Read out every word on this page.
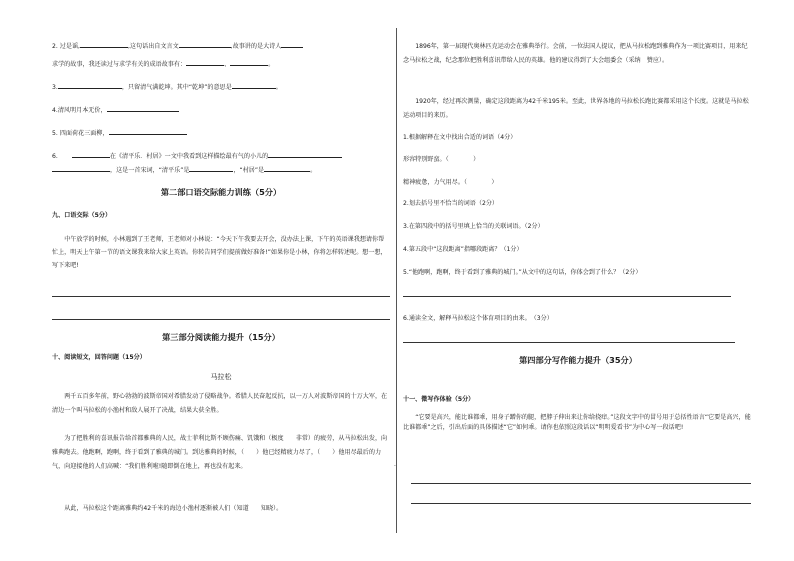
2. 过是谣,	,这句话出自文言文	,故事讲的是大诗人
求学的故事，我还读过与求学有关的成语故事有：	、	。
3.	，只留清气满乾坤。其中“乾坤”的意思是	。
4.清风明月本无价，
5. 四面荷花三面柳，
6.	在《清平乐．村居》一文中我看到这样描绘最有气的小儿的
，这是一首宋词，“清平乐”是	，“村居”是	。
第二部口语交际能力训练（5分）
九、口语交际（5分）
中午放学的时候，小林遇到了王老师，王老师对小林说：“今天下午我要去开会，没办法上课，下午的英语课我想请你帮忙上，明天上午第一节的语文课我来给大家上英语。你转告同学们提前做好准备!”如果你是小林，你将怎样转述呢。想一想，写下来吧!
第三部分阅读能力提升（15分）
十、阅读短文，回答问题（15分）
马拉松
两千五百多年前，野心勃勃的波斯帝国对希腊发动了侵略战争。希腊人民奋起反抗，以一万人对波斯帝国的十万大军，在清边一个叫马拉松的小渔村和敌人展开了决战，结果大获全胜。
为了把胜利的喜讯报告给首都雅典的人民，战士菲利比斯不顾伤痛、饥饿和（极度　　非常）的疲劳，从马拉松出发，向雅典跑去。他跑啊，跑啊，终于看到了雅典的城门。到达雅典的时候，（　　）他已经精疲力尽了，（　　）他用尽最后的力气，向迎接他的人们高喊：“我们胜利啦!随即倒在地上，再也没有起来。
从此，马拉松这个距离雅典约42千米的海边小渔村逐渐被人们（知道　　知晓）。
·
1896年，第一届现代奥林匹克运动会在雅典举行。会前，一位法国人提议，把从马拉松跑到雅典作为一项比赛项目，用来纪念马拉松之战，纪念那位把胜利喜讯带给人民的英雄。他的建议得到了大会组委会（采纳　赞应）。
1920年，经过再次测量，确定这段距离为42千米195米。至此，世界各地的马拉松长跑比赛都采用这个长度。这就是马拉松运动项目的来历。
1.根据解释在文中找出合适的词语（4分）
形容特别野蛮。（　　　　）
精神疲惫，力气用尽。（　　　　）
2.划去括号里不恰当的词语（2分）
3.在第四段中的括号里填上恰当的关联词语。（2分）
4.第五段中“这段距离”指哪段距离？（1分）
5.“他跑啊，跑啊，终于看到了雅典的城门。”从文中的这句话，你体会到了什么？（2分）
6.通读全文，解释马拉松这个体育项目的由来。　（3分）
第四部分写作能力提升（35分）
十一、微写作体验（5分）
“它要是高兴，能比谁都乖，用身子蹭你的腿，把脖子伸出来让你给挠痒。”这段文字中的冒号用于总括性语言“它要是高兴，能比谁都乖”之后，引出后面的具体描述“它”如何乖。请你也依照这段话以“明明爱看书”为中心写一段话吧!
